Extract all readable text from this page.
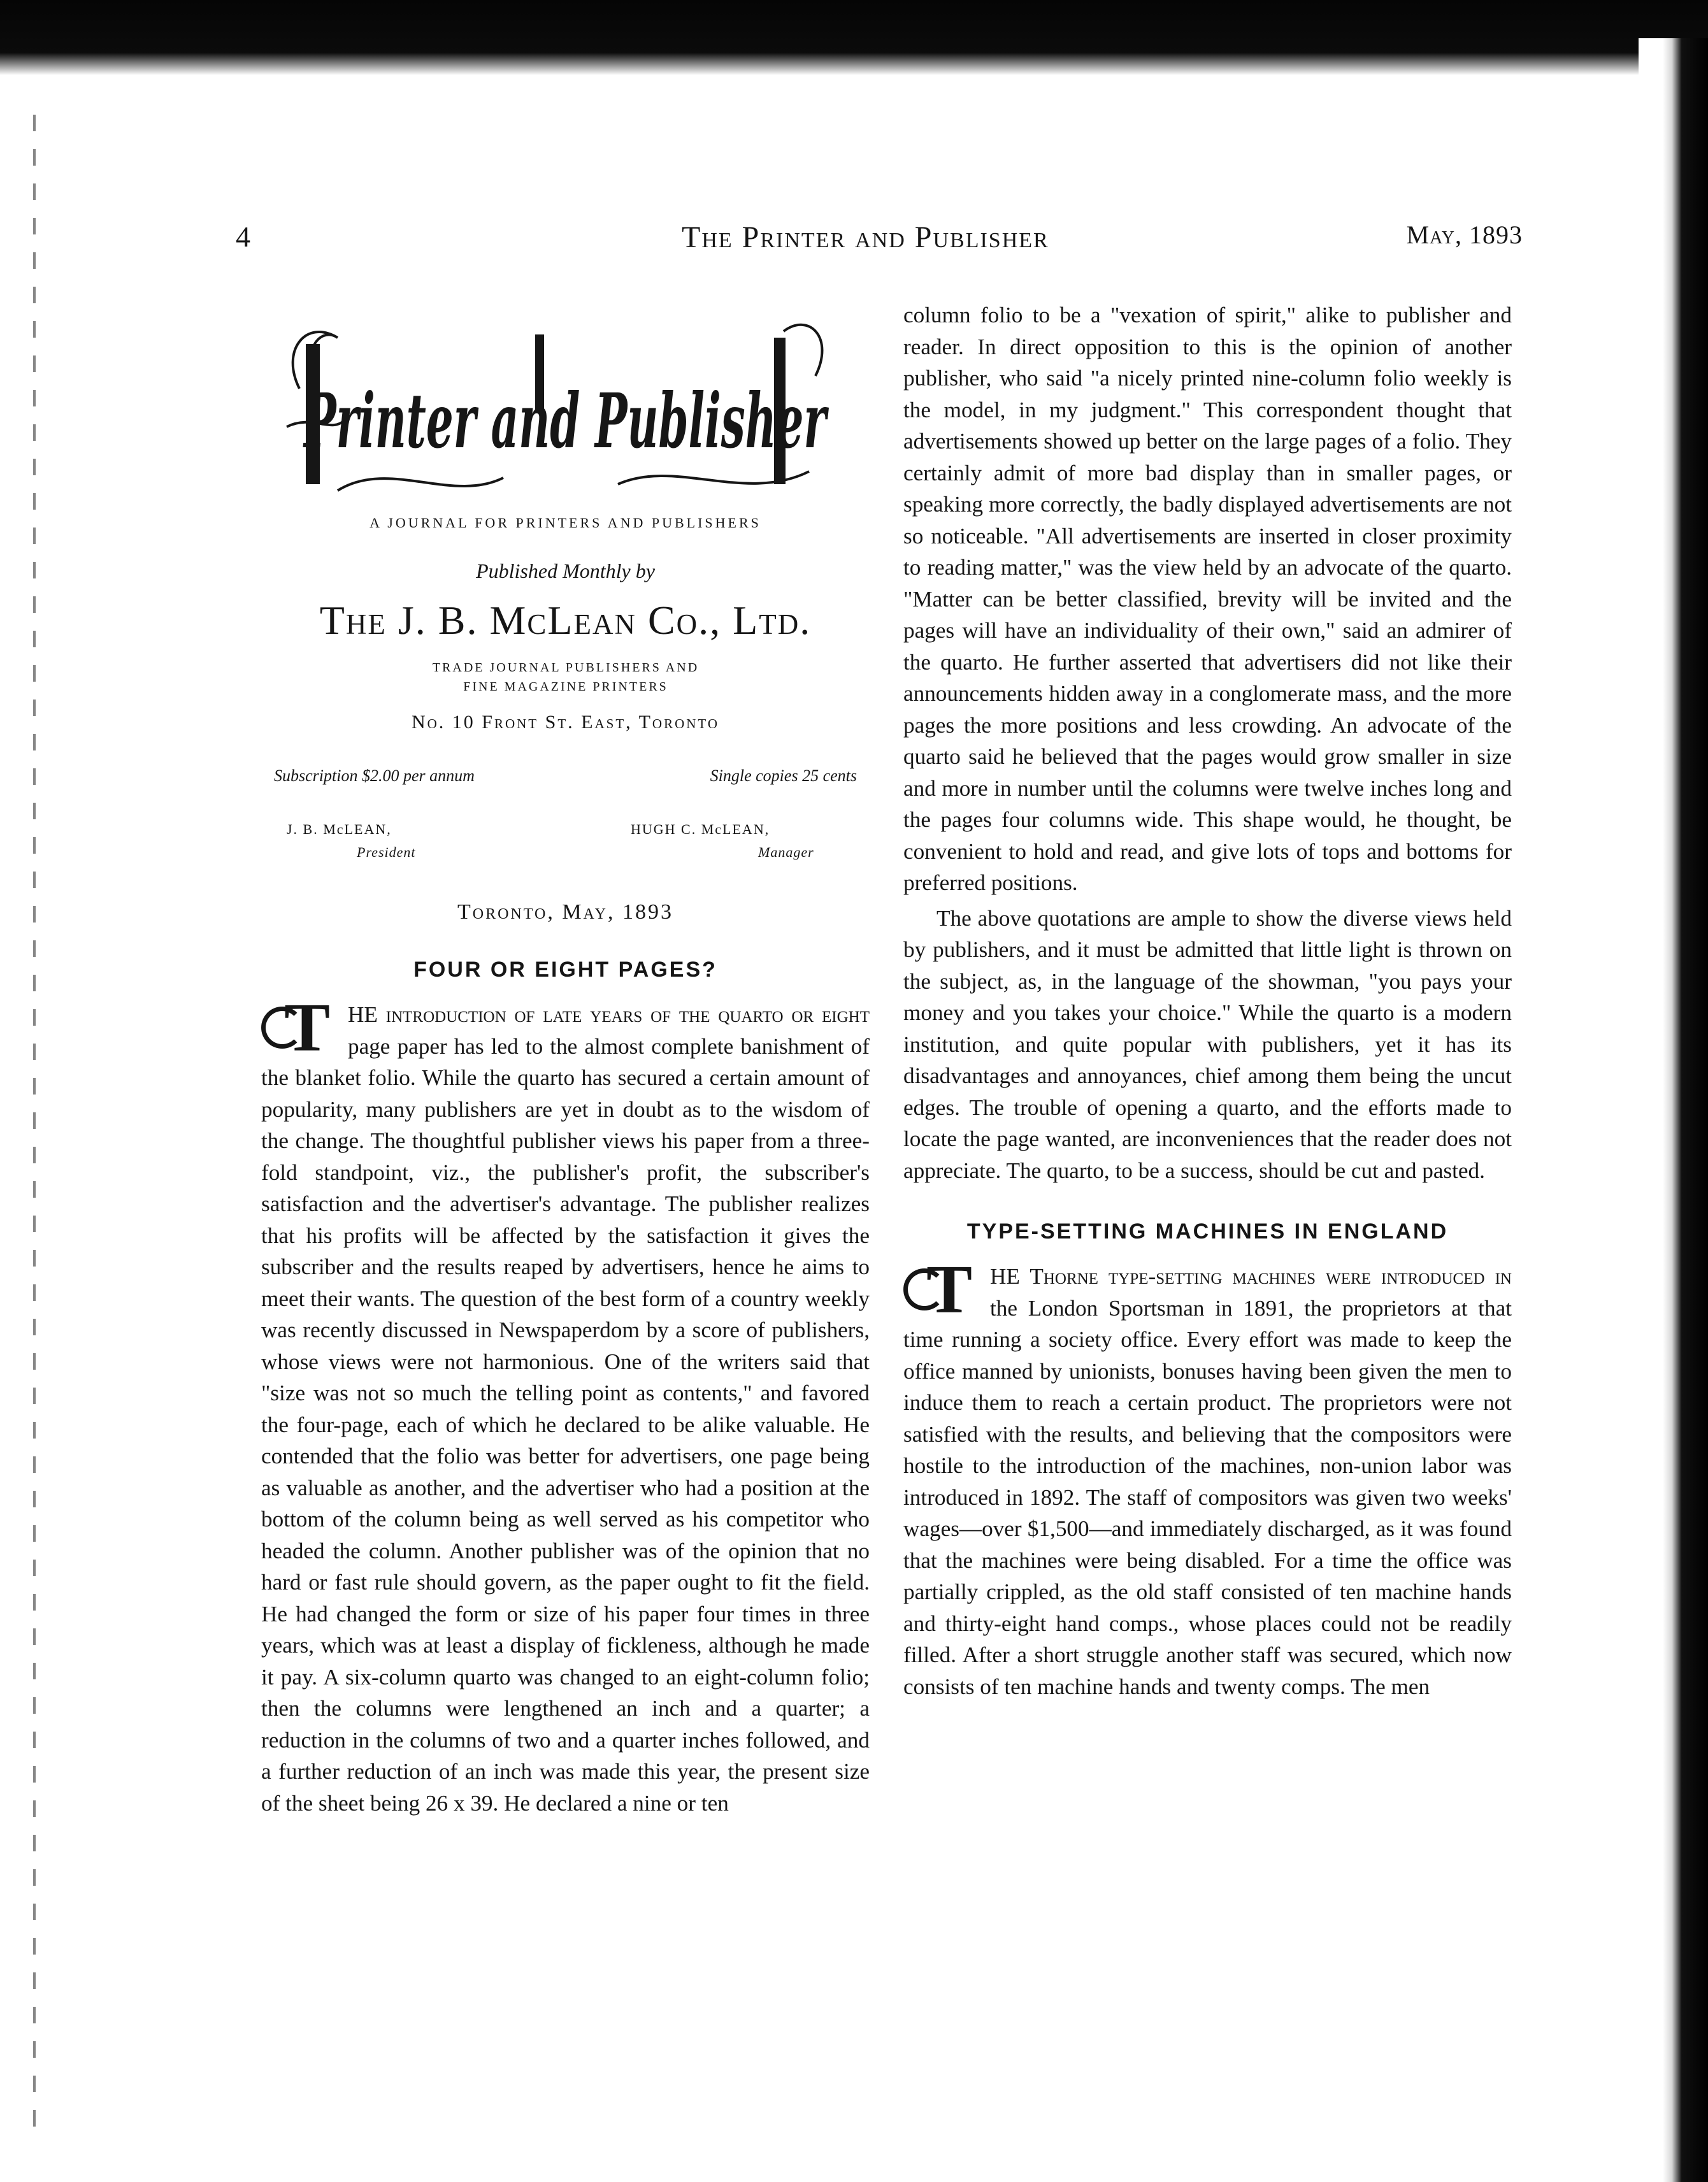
4	The Printer and Publisher	May, 1893
Printer and Publisher
A JOURNAL FOR PRINTERS AND PUBLISHERS
Published Monthly by
The J. B. McLean Co., Ltd.
TRADE JOURNAL PUBLISHERS AND
FINE MAGAZINE PRINTERS
No. 10 Front St. East, Toronto
Subscription $2.00 per annum	Single copies 25 cents
J. B. McLEAN,
President
HUGH C. McLEAN,
Manager
Toronto, May, 1893
FOUR OR EIGHT PAGES?

T HE introduction of late years of the quarto or eight page paper has led to the almost complete banishment of the blanket folio. While the quarto has secured a certain amount of popularity, many publishers are yet in doubt as to the wisdom of the change. The thoughtful publisher views his paper from a three-fold standpoint, viz., the publisher's profit, the subscriber's satisfaction and the advertiser's advantage. The publisher realizes that his profits will be affected by the satisfaction it gives the subscriber and the results reaped by advertisers, hence he aims to meet their wants. The question of the best form of a country weekly was recently discussed in Newspaperdom by a score of publishers, whose views were not harmonious. One of the writers said that "size was not so much the telling point as contents," and favored the four-page, each of which he declared to be alike valuable. He contended that the folio was better for advertisers, one page being as valuable as another, and the advertiser who had a position at the bottom of the column being as well served as his competitor who headed the column. Another publisher was of the opinion that no hard or fast rule should govern, as the paper ought to fit the field. He had changed the form or size of his paper four times in three years, which was at least a display of fickleness, although he made it pay. A six-column quarto was changed to an eight-column folio; then the columns were lengthened an inch and a quarter; a reduction in the columns of two and a quarter inches followed, and a further reduction of an inch was made this year, the present size of the sheet being 26 x 39. He declared a nine or ten

column folio to be a "vexation of spirit," alike to publisher and reader. In direct opposition to this is the opinion of another publisher, who said "a nicely printed nine-column folio weekly is the model, in my judgment." This correspondent thought that advertisements showed up better on the large pages of a folio. They certainly admit of more bad display than in smaller pages, or speaking more correctly, the badly displayed advertisements are not so noticeable. "All advertisements are inserted in closer proximity to reading matter," was the view held by an advocate of the quarto. "Matter can be better classified, brevity will be invited and the pages will have an individuality of their own," said an admirer of the quarto. He further asserted that advertisers did not like their announcements hidden away in a conglomerate mass, and the more pages the more positions and less crowding. An advocate of the quarto said he believed that the pages would grow smaller in size and more in number until the columns were twelve inches long and the pages four columns wide. This shape would, he thought, be convenient to hold and read, and give lots of tops and bottoms for preferred positions.

The above quotations are ample to show the diverse views held by publishers, and it must be admitted that little light is thrown on the subject, as, in the language of the showman, "you pays your money and you takes your choice." While the quarto is a modern institution, and quite popular with publishers, yet it has its disadvantages and annoyances, chief among them being the uncut edges. The trouble of opening a quarto, and the efforts made to locate the page wanted, are inconveniences that the reader does not appreciate. The quarto, to be a success, should be cut and pasted.

TYPE-SETTING MACHINES IN ENGLAND

T HE Thorne type-setting machines were introduced in the London Sportsman in 1891, the proprietors at that time running a society office. Every effort was made to keep the office manned by unionists, bonuses having been given the men to induce them to reach a certain product. The proprietors were not satisfied with the results, and believing that the compositors were hostile to the introduction of the machines, non-union labor was introduced in 1892. The staff of compositors was given two weeks' wages—over $1,500—and immediately discharged, as it was found that the machines were being disabled. For a time the office was partially crippled, as the old staff consisted of ten machine hands and thirty-eight hand comps., whose places could not be readily filled. After a short struggle another staff was secured, which now consists of ten machine hands and twenty comps. The men
